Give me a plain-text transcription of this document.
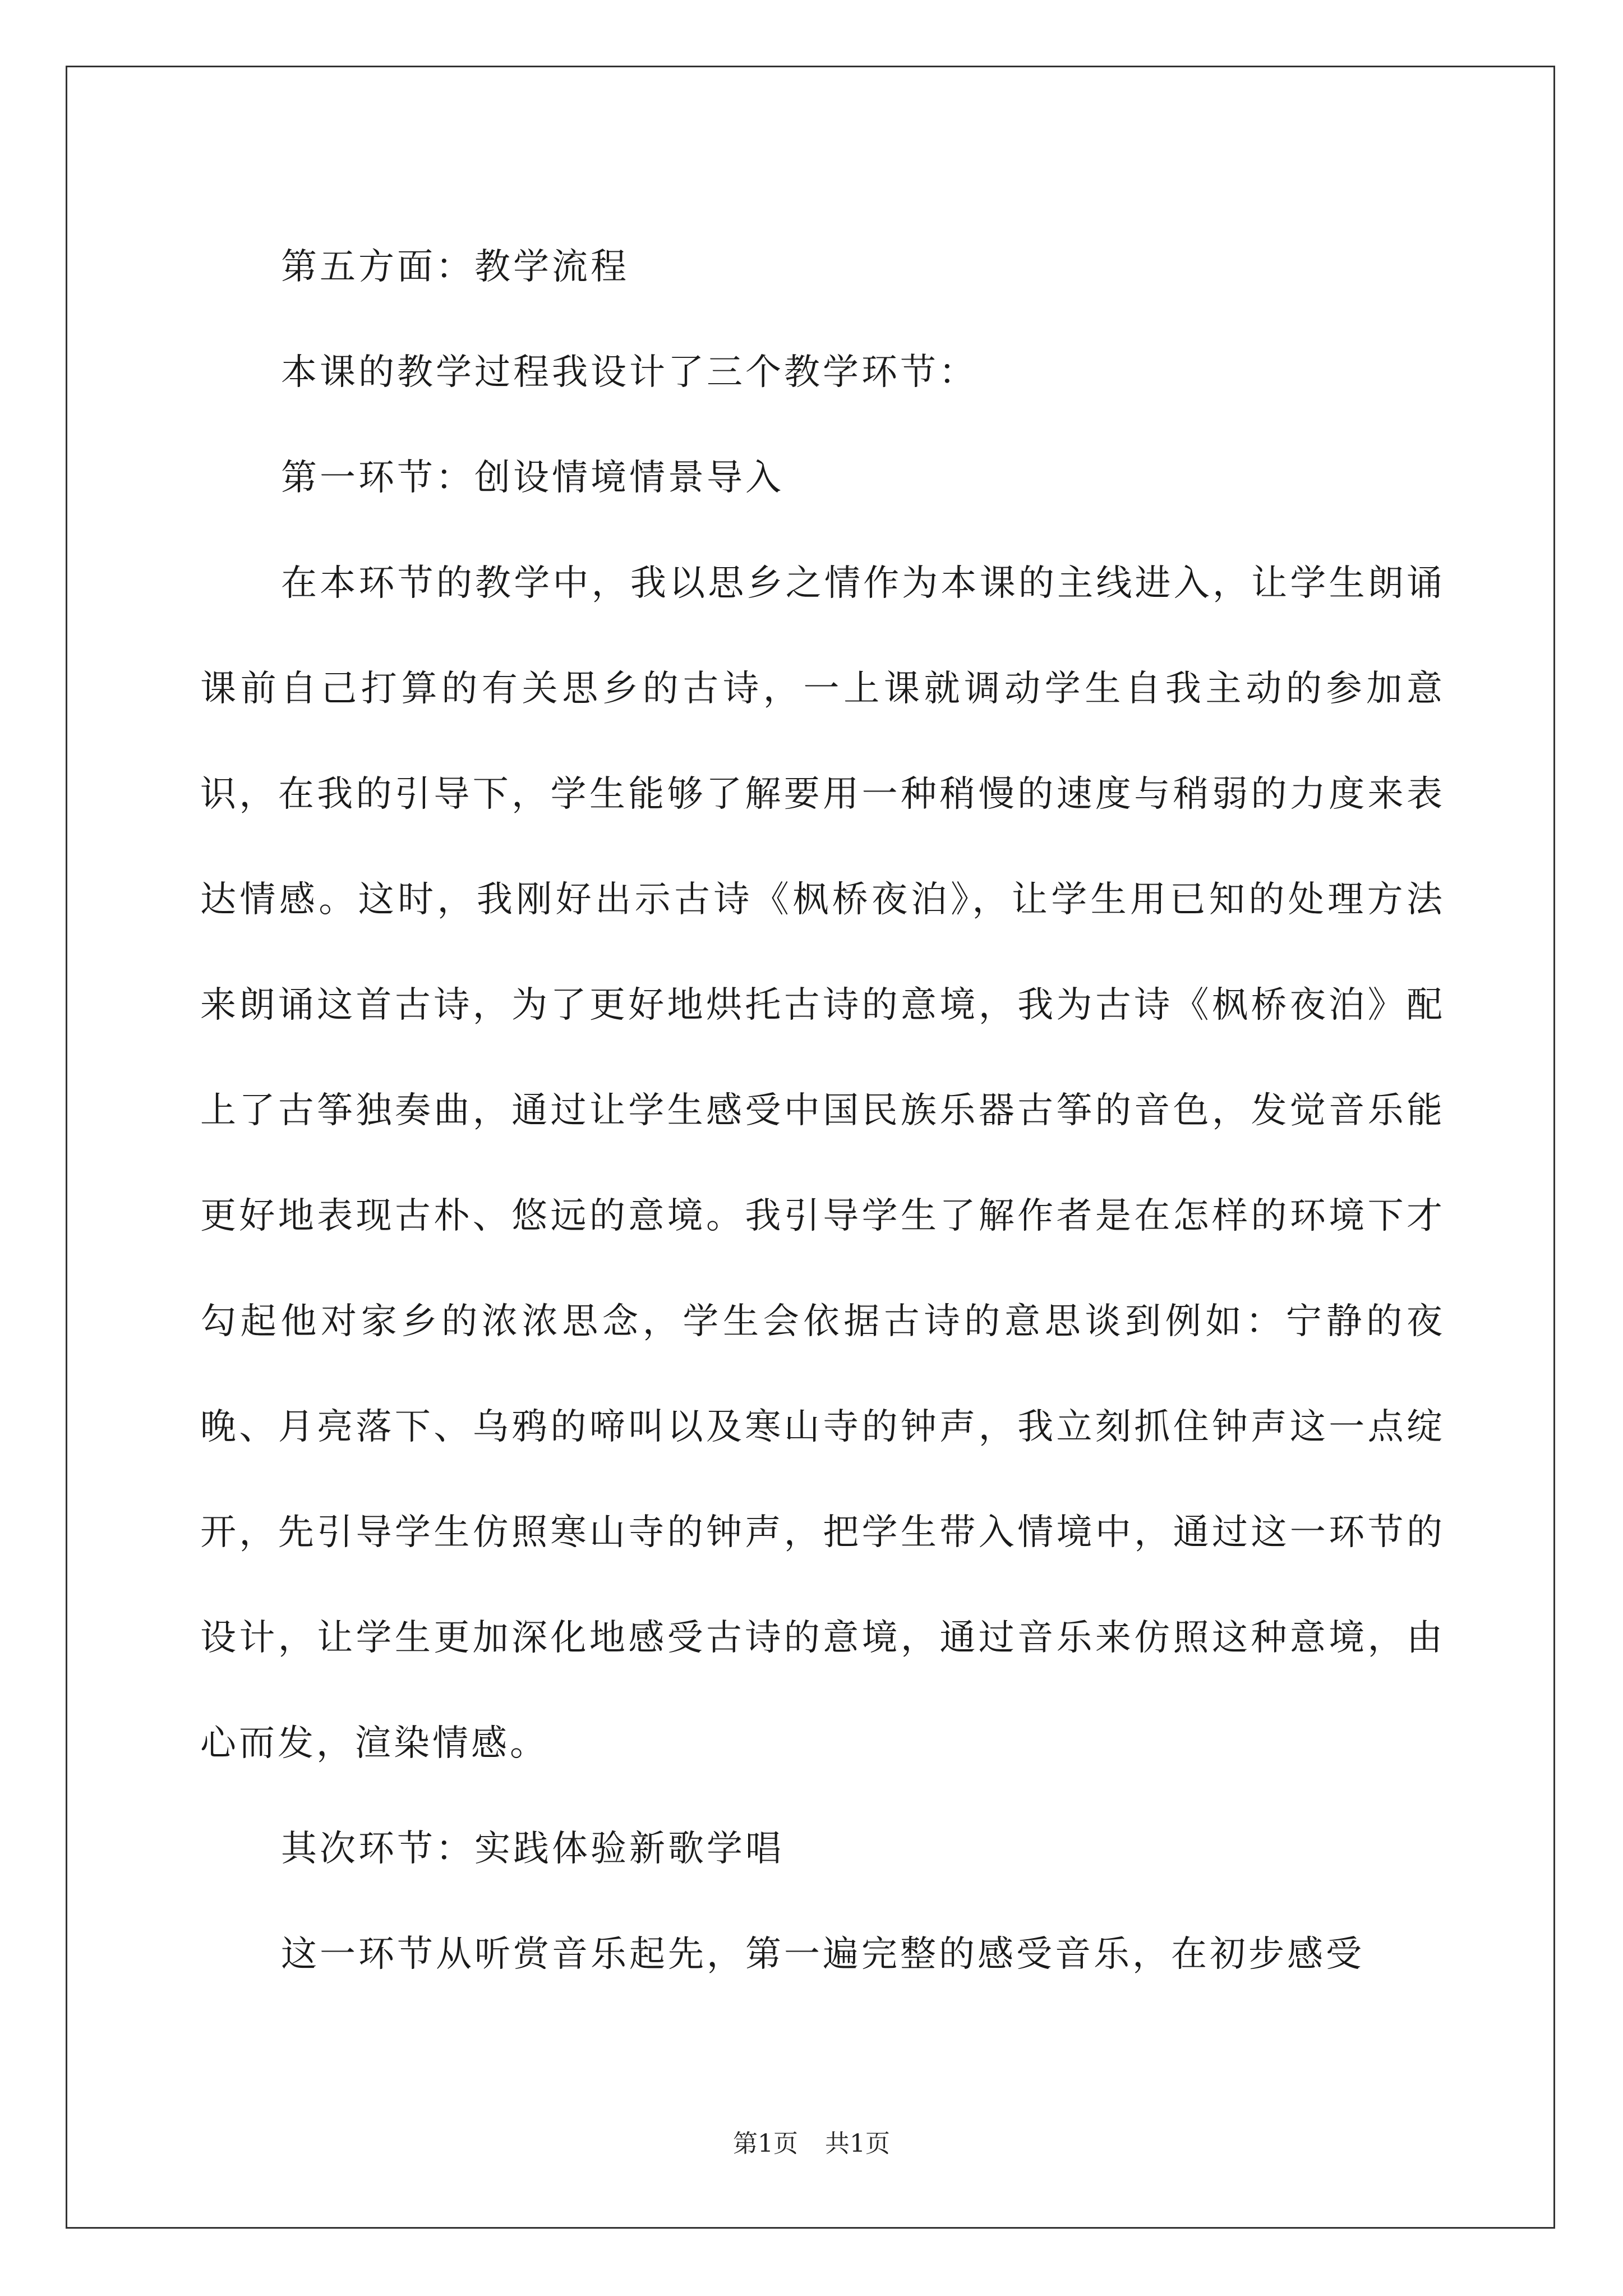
第五方面：教学流程

本课的教学过程我设计了三个教学环节：

第一环节：创设情境情景导入

在本环节的教学中，我以思乡之情作为本课的主线进入，让学生朗诵课前自己打算的有关思乡的古诗，一上课就调动学生自我主动的参加意识，在我的引导下，学生能够了解要用一种稍慢的速度与稍弱的力度来表达情感。这时，我刚好出示古诗《枫桥夜泊》，让学生用已知的处理方法来朗诵这首古诗，为了更好地烘托古诗的意境，我为古诗《枫桥夜泊》配上了古筝独奏曲，通过让学生感受中国民族乐器古筝的音色，发觉音乐能更好地表现古朴、悠远的意境。我引导学生了解作者是在怎样的环境下才勾起他对家乡的浓浓思念，学生会依据古诗的意思谈到例如：宁静的夜晚、月亮落下、乌鸦的啼叫以及寒山寺的钟声，我立刻抓住钟声这一点绽开，先引导学生仿照寒山寺的钟声，把学生带入情境中，通过这一环节的设计，让学生更加深化地感受古诗的意境，通过音乐来仿照这种意境，由心而发，渲染情感。

其次环节：实践体验新歌学唱

这一环节从听赏音乐起先，第一遍完整的感受音乐，在初步感受

第1页 共1页
